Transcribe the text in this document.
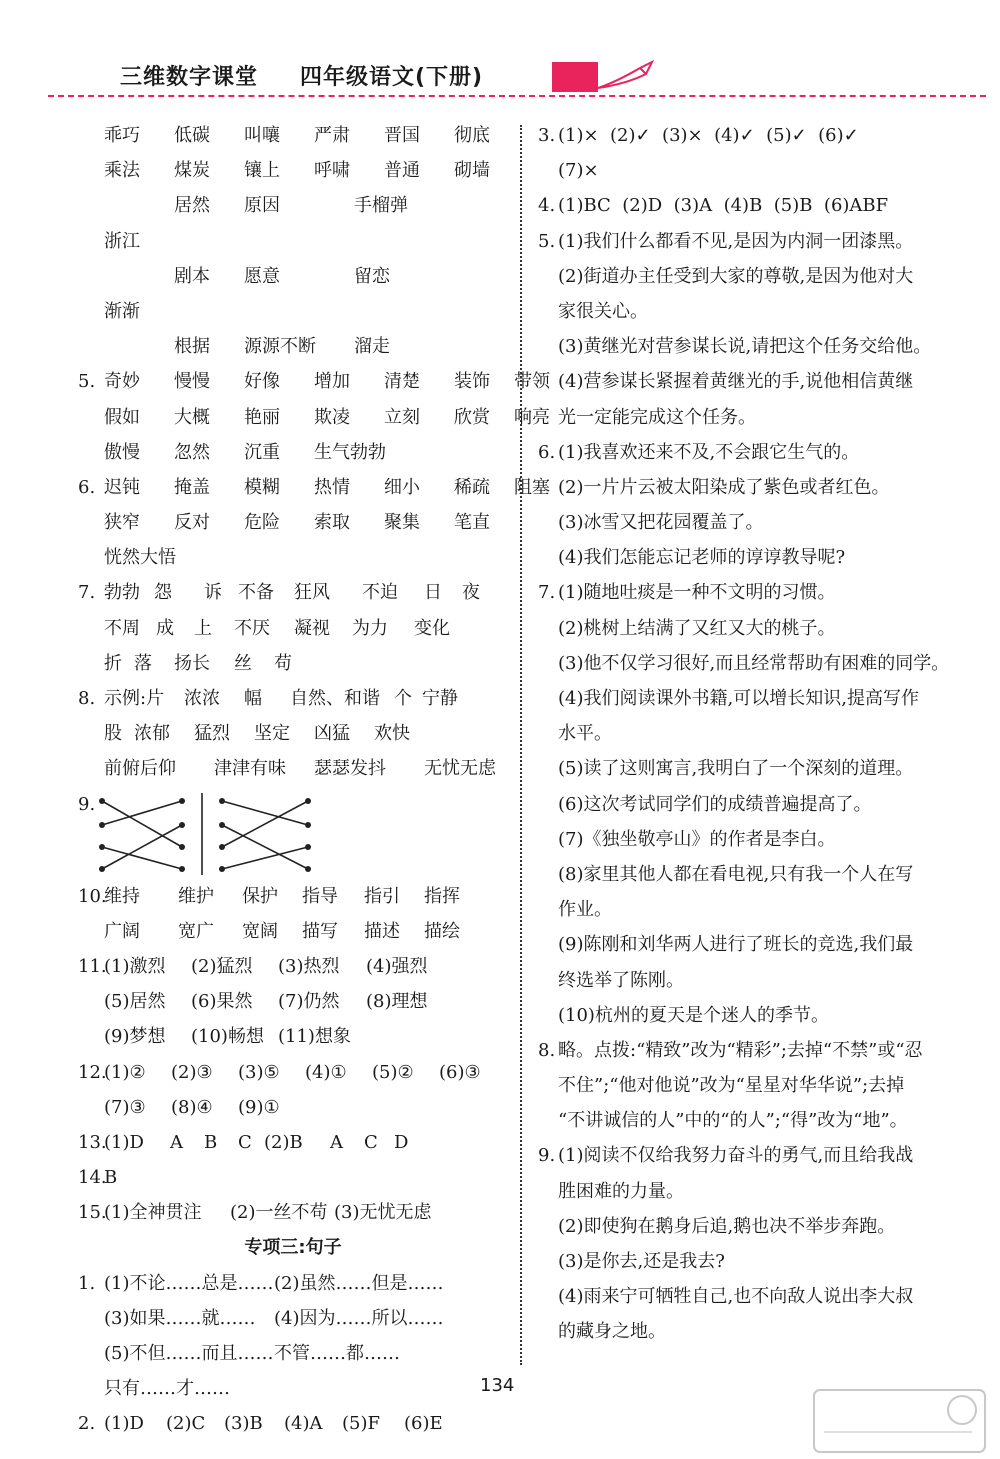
三维数字课堂 四年级语文(下册)
乖巧 低碳 叫嚷 严肃 晋国 彻底
乘法 煤炭 镶上 呼啸 普通 砌墙
居然 原因	手榴弹
浙江
剧本 愿意	留恋
渐渐
根据 源源不断 溜走
5. 奇妙 慢慢 好像 增加 清楚 装饰 带领
假如 大概 艳丽 欺凌 立刻 欣赏 响亮
傲慢 忽然 沉重 生气勃勃
6. 迟钝 掩盖 模糊 热情 细小 稀疏 阻塞
狭窄 反对 危险 索取 聚集 笔直
恍然大悟
7. 勃勃 怨 诉 不备 狂风 不迫 日 夜
不周 成 上 不厌 凝视 为力 变化
折 落 扬长 丝 苟
8. 示例:片 浓浓 幅 自然、和谐 个 宁静
股 浓郁 猛烈 坚定 凶猛 欢快
前俯后仰 津津有味 瑟瑟发抖 无忧无虑
9.
10.
维持 维护 保护 指导 指引 指挥
广阔 宽广 宽阔 描写 描述 描绘
11.
(1)激烈 (2)猛烈 (3)热烈 (4)强烈
(5)居然 (6)果然 (7)仍然 (8)理想
(9)梦想 (10)畅想 (11)想象
12.
(1)② (2)③ (3)⑤ (4)① (5)② (6)③
(7)③ (8)④ (9)①
13.
(1)D A B C (2)B A C D
14.
B
15.
(1)全神贯注 (2)一丝不苟 (3)无忧无虑
专项三:句子
1. (1)不论……总是…… (2)虽然……但是……
(3)如果……就…… (4)因为……所以……
(5)不但……而且…… 不管……都……
只有……才……
2. (1)D (2)C (3)B (4)A (5)F (6)E
3. (1)×  (2)✓  (3)×  (4)✓  (5)✓  (6)✓
(7)×
4. (1)BC  (2)D  (3)A  (4)B  (5)B  (6)ABF
5. (1)我们什么都看不见,是因为内洞一团漆黑。
(2)街道办主任受到大家的尊敬,是因为他对大
家很关心。
(3)黄继光对营参谋长说,请把这个任务交给他。
(4)营参谋长紧握着黄继光的手,说他相信黄继
光一定能完成这个任务。
6. (1)我喜欢还来不及,不会跟它生气的。
(2)一片片云被太阳染成了紫色或者红色。
(3)冰雪又把花园覆盖了。
(4)我们怎能忘记老师的谆谆教导呢?
7. (1)随地吐痰是一种不文明的习惯。
(2)桃树上结满了又红又大的桃子。
(3)他不仅学习很好,而且经常帮助有困难的同学。
(4)我们阅读课外书籍,可以增长知识,提高写作
水平。
(5)读了这则寓言,我明白了一个深刻的道理。
(6)这次考试同学们的成绩普遍提高了。
(7)《独坐敬亭山》的作者是李白。
(8)家里其他人都在看电视,只有我一个人在写
作业。
(9)陈刚和刘华两人进行了班长的竞选,我们最
终选举了陈刚。
(10)杭州的夏天是个迷人的季节。
8. 略。点拨:“精致”改为“精彩”;去掉“不禁”或“忍
不住”;“他对他说”改为“星星对华华说”;去掉
“不讲诚信的人”中的“的人”;“得”改为“地”。
9. (1)阅读不仅给我努力奋斗的勇气,而且给我战
胜困难的力量。
(2)即使狗在鹅身后追,鹅也决不举步奔跑。
(3)是你去,还是我去?
(4)雨来宁可牺牲自己,也不向敌人说出李大叔
的藏身之地。
134
